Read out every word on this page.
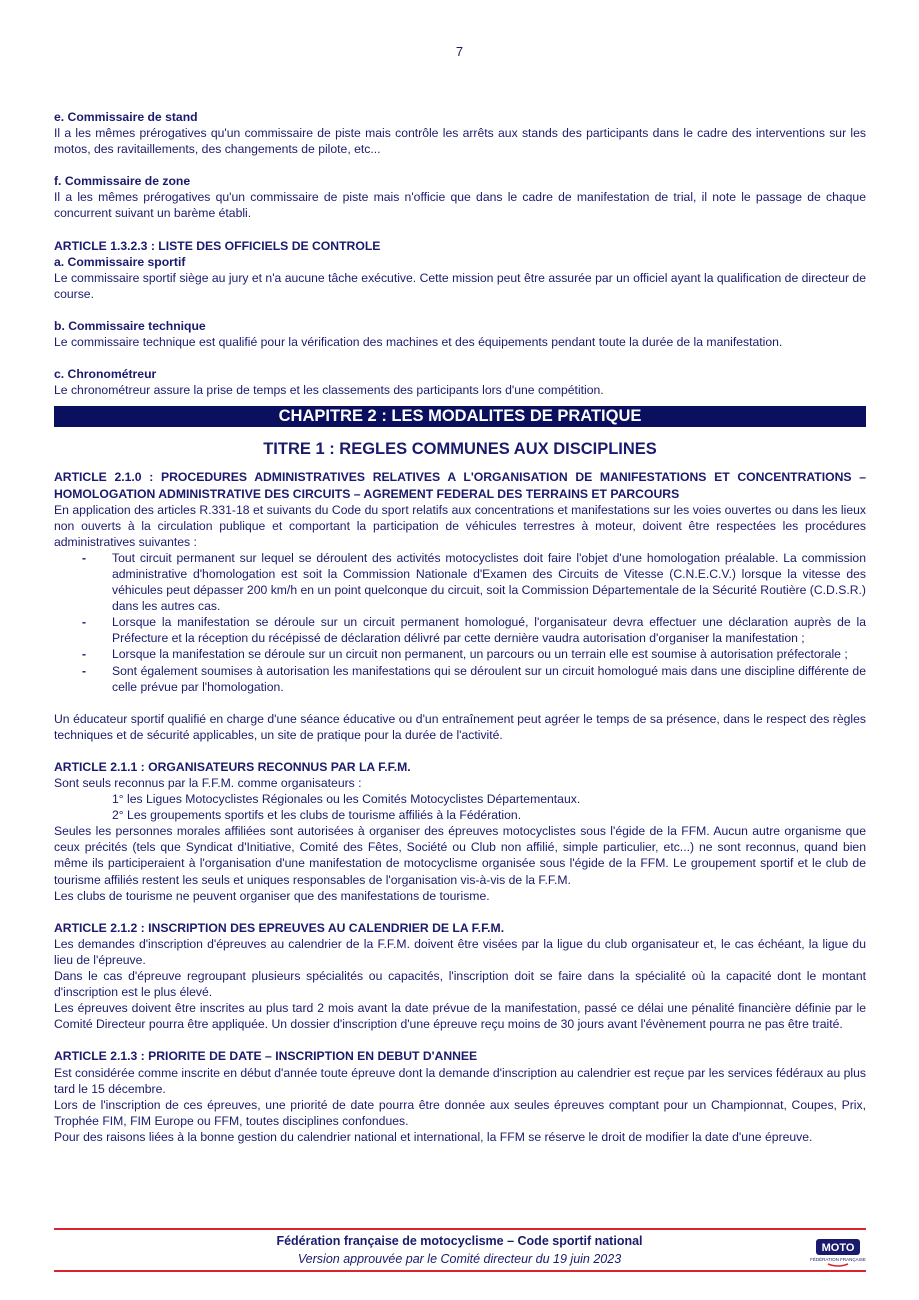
7

e. Commissaire de stand

Il a les mêmes prérogatives qu'un commissaire de piste mais contrôle les arrêts aux stands des participants dans le cadre des interventions sur les motos, des ravitaillements, des changements de pilote, etc...

f. Commissaire de zone

Il a les mêmes prérogatives qu'un commissaire de piste mais n'officie que dans le cadre de manifestation de trial, il note le passage de chaque concurrent suivant un barème établi.

ARTICLE 1.3.2.3 : LISTE DES OFFICIELS DE CONTROLE

a. Commissaire sportif

Le commissaire sportif siège au jury et n'a aucune tâche exécutive. Cette mission peut être assurée par un officiel ayant la qualification de directeur de course.

b. Commissaire technique

Le commissaire technique est qualifié pour la vérification des machines et des équipements pendant toute la durée de la manifestation.

c. Chronométreur

Le chronométreur assure la prise de temps et les classements des participants lors d'une compétition.

CHAPITRE 2 : LES MODALITES DE PRATIQUE
TITRE 1 : REGLES COMMUNES AUX DISCIPLINES

ARTICLE 2.1.0 : PROCEDURES ADMINISTRATIVES RELATIVES A L'ORGANISATION DE MANIFESTATIONS ET CONCENTRATIONS – HOMOLOGATION ADMINISTRATIVE DES CIRCUITS – AGREMENT FEDERAL DES TERRAINS ET PARCOURS

En application des articles R.331-18 et suivants du Code du sport relatifs aux concentrations et manifestations sur les voies ouvertes ou dans les lieux non ouverts à la circulation publique et comportant la participation de véhicules terrestres à moteur, doivent être respectées les procédures administratives suivantes :

- Tout circuit permanent sur lequel se déroulent des activités motocyclistes doit faire l'objet d'une homologation préalable. La commission administrative d'homologation est soit la Commission Nationale d'Examen des Circuits de Vitesse (C.N.E.C.V.) lorsque la vitesse des véhicules peut dépasser 200 km/h en un point quelconque du circuit, soit la Commission Départementale de la Sécurité Routière (C.D.S.R.) dans les autres cas.
- Lorsque la manifestation se déroule sur un circuit permanent homologué, l'organisateur devra effectuer une déclaration auprès de la Préfecture et la réception du récépissé de déclaration délivré par cette dernière vaudra autorisation d'organiser la manifestation ;
- Lorsque la manifestation se déroule sur un circuit non permanent, un parcours ou un terrain elle est soumise à autorisation préfectorale ;
- Sont également soumises à autorisation les manifestations qui se déroulent sur un circuit homologué mais dans une discipline différente de celle prévue par l'homologation.

Un éducateur sportif qualifié en charge d'une séance éducative ou d'un entraînement peut agréer le temps de sa présence, dans le respect des règles techniques et de sécurité applicables, un site de pratique pour la durée de l'activité.

ARTICLE 2.1.1 : ORGANISATEURS RECONNUS PAR LA F.F.M.

Sont seuls reconnus par la F.F.M. comme organisateurs :

1° les Ligues Motocyclistes Régionales ou les Comités Motocyclistes Départementaux.

2° Les groupements sportifs et les clubs de tourisme affiliés à la Fédération.

Seules les personnes morales affiliées sont autorisées à organiser des épreuves motocyclistes sous l'égide de la FFM. Aucun autre organisme que ceux précités (tels que Syndicat d'Initiative, Comité des Fêtes, Société ou Club non affilié, simple particulier, etc...) ne sont reconnus, quand bien même ils participeraient à l'organisation d'une manifestation de motocyclisme organisée sous l'égide de la FFM. Le groupement sportif et le club de tourisme affiliés restent les seuls et uniques responsables de l'organisation vis-à-vis de la F.F.M.

Les clubs de tourisme ne peuvent organiser que des manifestations de tourisme.

ARTICLE 2.1.2 : INSCRIPTION DES EPREUVES AU CALENDRIER DE LA F.F.M.

Les demandes d'inscription d'épreuves au calendrier de la F.F.M. doivent être visées par la ligue du club organisateur et, le cas échéant, la ligue du lieu de l'épreuve.

Dans le cas d'épreuve regroupant plusieurs spécialités ou capacités, l'inscription doit se faire dans la spécialité où la capacité dont le montant d'inscription est le plus élevé.

Les épreuves doivent être inscrites au plus tard 2 mois avant la date prévue de la manifestation, passé ce délai une pénalité financière définie par le Comité Directeur pourra être appliquée. Un dossier d'inscription d'une épreuve reçu moins de 30 jours avant l'évènement pourra ne pas être traité.

ARTICLE 2.1.3 : PRIORITE DE DATE – INSCRIPTION EN DEBUT D'ANNEE

Est considérée comme inscrite en début d'année toute épreuve dont la demande d'inscription au calendrier est reçue par les services fédéraux au plus tard le 15 décembre.

Lors de l'inscription de ces épreuves, une priorité de date pourra être donnée aux seules épreuves comptant pour un Championnat, Coupes, Prix, Trophée FIM, FIM Europe ou FFM, toutes disciplines confondues.

Pour des raisons liées à la bonne gestion du calendrier national et international, la FFM se réserve le droit de modifier la date d'une épreuve.

Fédération française de motocyclisme – Code sportif national
Version approuvée par le Comité directeur du 19 juin 2023
MOTO
FÉDÉRATION FRANÇAISE
